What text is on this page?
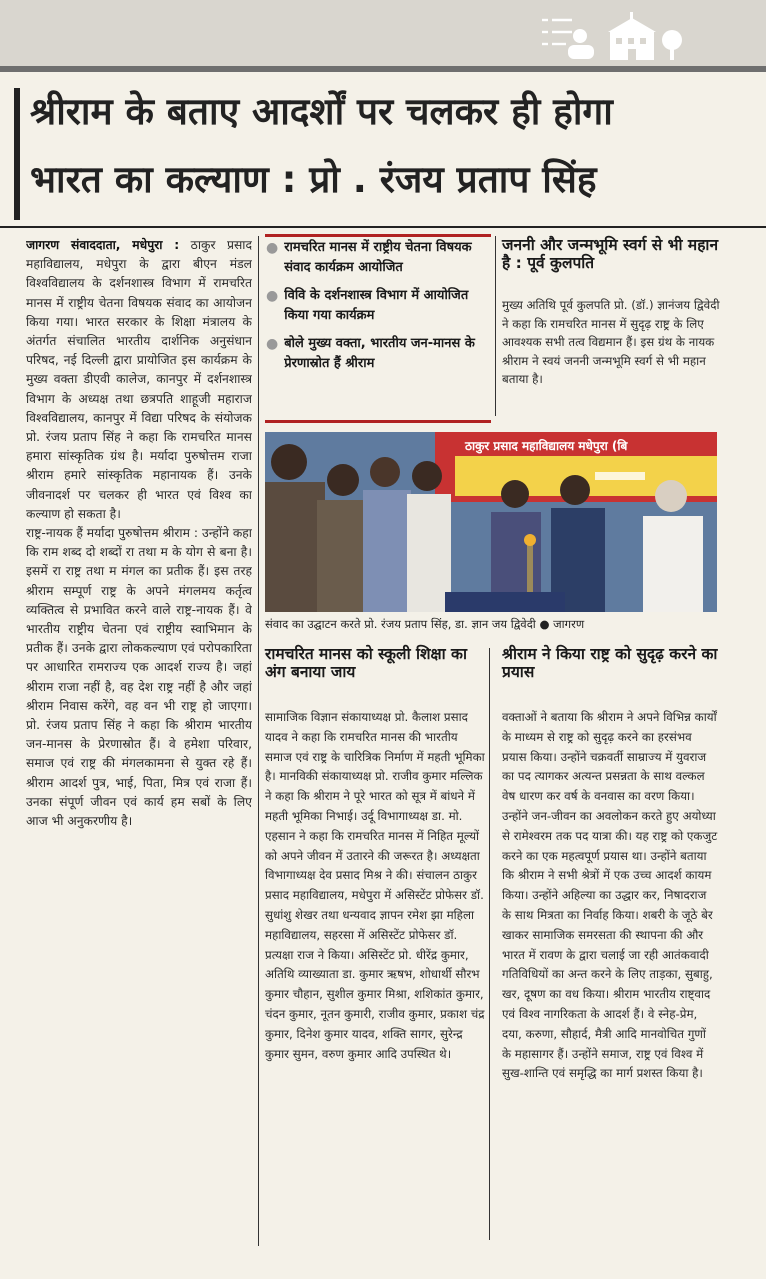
श्रीराम के बताए आदर्शों पर चलकर ही होगा
भारत का कल्याण : प्रो . रंजय प्रताप सिंह

जागरण संवाददाता, मधेपुरा : ठाकुर प्रसाद महाविद्यालय, मधेपुरा के द्वारा बीएन मंडल विश्वविद्यालय के दर्शनशास्त्र विभाग में रामचरित मानस में राष्ट्रीय चेतना विषयक संवाद का आयोजन किया गया। भारत सरकार के शिक्षा मंत्रालय के अंतर्गत संचालित भारतीय दार्शनिक अनुसंधान परिषद, नई दिल्ली द्वारा प्रायोजित इस कार्यक्रम के मुख्य वक्ता डीएवी कालेज, कानपुर में दर्शनशास्त्र विभाग के अध्यक्ष तथा छत्रपति शाहूजी महाराज विश्वविद्यालय, कानपुर में विद्या परिषद के संयोजक प्रो. रंजय प्रताप सिंह ने कहा कि रामचरित मानस हमारा सांस्कृतिक ग्रंथ है। मर्यादा पुरुषोत्तम राजा श्रीराम हमारे सांस्कृतिक महानायक हैं। उनके जीवनादर्श पर चलकर ही भारत एवं विश्व का कल्याण हो सकता है।

राष्ट्र-नायक हैं मर्यादा पुरुषोत्तम श्रीराम : उन्होंने कहा कि राम शब्द दो शब्दों रा तथा म के योग से बना है। इसमें रा राष्ट्र तथा म मंगल का प्रतीक हैं। इस तरह श्रीराम सम्पूर्ण राष्ट्र के अपने मंगलमय कर्तृत्व व्यक्तित्व से प्रभावित करने वाले राष्ट्र-नायक हैं। वे भारतीय राष्ट्रीय चेतना एवं राष्ट्रीय स्वाभिमान के प्रतीक हैं। उनके द्वारा लोककल्याण एवं परोपकारिता पर आधारित रामराज्य एक आदर्श राज्य है। जहां श्रीराम राजा नहीं है, वह देश राष्ट्र नहीं है और जहां श्रीराम निवास करेंगे, वह वन भी राष्ट्र हो जाएगा। प्रो. रंजय प्रताप सिंह ने कहा कि श्रीराम भारतीय जन-मानस के प्रेरणास्रोत हैं। वे हमेशा परिवार, समाज एवं राष्ट्र की मंगलकामना से युक्त रहे हैं। श्रीराम आदर्श पुत्र, भाई, पिता, मित्र एवं राजा हैं। उनका संपूर्ण जीवन एवं कार्य हम सबों के लिए आज भी अनुकरणीय है।

● रामचरित मानस में राष्ट्रीय चेतना विषयक संवाद कार्यक्रम आयोजित
● विवि के दर्शनशास्त्र विभाग में आयोजित किया गया कार्यक्रम
● बोले मुख्य वक्ता, भारतीय जन-मानस के प्रेरणास्रोत हैं श्रीराम
जननी और जन्मभूमि स्वर्ग से भी महान है : पूर्व कुलपति
मुख्य अतिथि पूर्व कुलपति प्रो. (डॉ.) ज्ञानंजय द्विवेदी ने कहा कि रामचरित मानस में सुदृढ़ राष्ट्र के लिए आवश्यक सभी तत्व विद्यमान हैं। इस ग्रंथ के नायक श्रीराम ने स्वयं जननी जन्मभूमि स्वर्ग से भी महान बताया है।
ठाकुर प्रसाद महाविद्यालय मधेपुरा (बि
संवाद का उद्घाटन करते प्रो. रंजय प्रताप सिंह, डा. ज्ञान जय द्विवेदी ● जागरण
रामचरित मानस को स्कूली शिक्षा का अंग बनाया जाय
सामाजिक विज्ञान संकायाध्यक्ष प्रो. कैलाश प्रसाद यादव ने कहा कि रामचरित मानस की भारतीय समाज एवं राष्ट्र के चारित्रिक निर्माण में महती भूमिका है। मानविकी संकायाध्यक्ष प्रो. राजीव कुमार मल्लिक ने कहा कि श्रीराम ने पूरे भारत को सूत्र में बांधने में महती भूमिका निभाई। उर्दू विभागाध्यक्ष डा. मो. एहसान ने कहा कि रामचरित मानस में निहित मूल्यों को अपने जीवन में उतारने की जरूरत है। अध्यक्षता विभागाध्यक्ष देव प्रसाद मिश्र ने की। संचालन ठाकुर प्रसाद महाविद्यालय, मधेपुरा में असिस्टेंट प्रोफेसर डॉ. सुधांशु शेखर तथा धन्यवाद ज्ञापन रमेश झा महिला महाविद्यालय, सहरसा में असिस्टेंट प्रोफेसर डॉ. प्रत्यक्षा राज ने किया। असिस्टेंट प्रो. धीरेंद्र कुमार, अतिथि व्याख्याता डा. कुमार ऋषभ, शोधार्थी सौरभ कुमार चौहान, सुशील कुमार मिश्रा, शशिकांत कुमार, चंदन कुमार, नूतन कुमारी, राजीव कुमार, प्रकाश चंद्र कुमार, दिनेश कुमार यादव, शक्ति सागर, सुरेन्द्र कुमार सुमन, वरुण कुमार आदि उपस्थित थे।
श्रीराम ने किया राष्ट्र को सुदृढ़ करने का प्रयास
वक्ताओं ने बताया कि श्रीराम ने अपने विभिन्न कार्यों के माध्यम से राष्ट्र को सुदृढ़ करने का हरसंभव प्रयास किया। उन्होंने चक्रवर्ती साम्राज्य में युवराज का पद त्यागकर अत्यन्त प्रसन्नता के साथ वल्कल वेष धारण कर वर्ष के वनवास का वरण किया। उन्होंने जन-जीवन का अवलोकन करते हुए अयोध्या से रामेश्वरम तक पद यात्रा की। यह राष्ट्र को एकजुट करने का एक महत्वपूर्ण प्रयास था। उन्होंने बताया कि श्रीराम ने सभी श्रेत्रों में एक उच्च आदर्श कायम किया। उन्होंने अहिल्या का उद्धार कर, निषादराज के साथ मित्रता का निर्वाह किया। शबरी के जूठे बेर खाकर सामाजिक समरसता की स्थापना की और भारत में रावण के द्वारा चलाई जा रही आतंकवादी गतिविधियों का अन्त करने के लिए ताड़का, सुबाहु, खर, दूषण का वध किया। श्रीराम भारतीय राष्ट्वाद एवं विश्व नागरिकता के आदर्श हैं। वे स्नेह-प्रेम, दया, करुणा, सौहार्द, मैत्री आदि मानवोचित गुणों के महासागर हैं। उन्होंने समाज, राष्ट्र एवं विश्व में सुख-शान्ति एवं समृद्धि का मार्ग प्रशस्त किया है।
